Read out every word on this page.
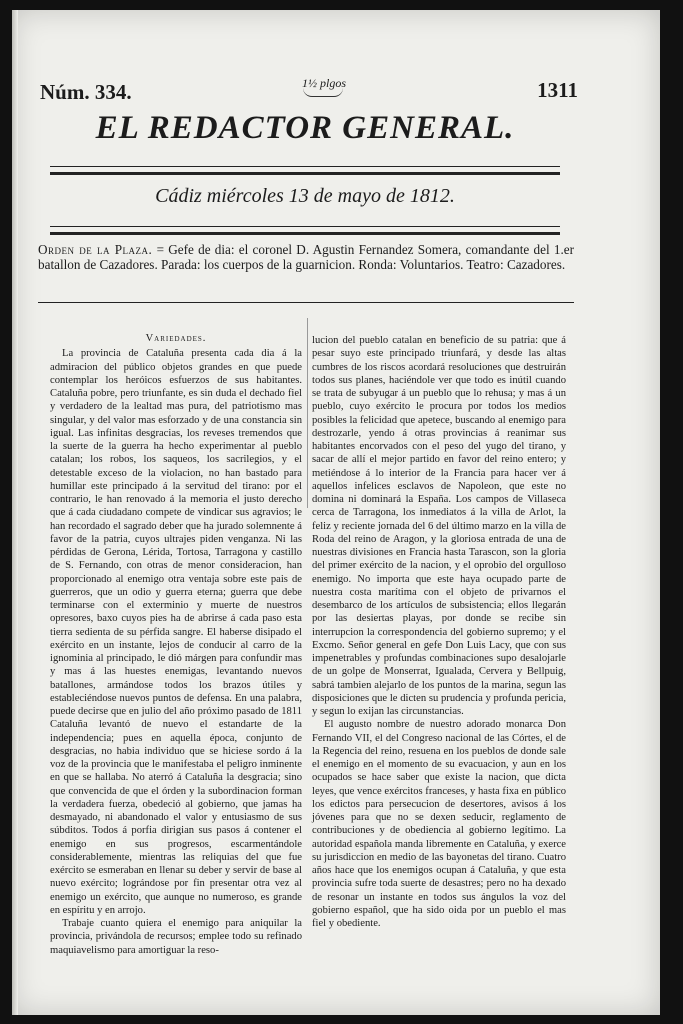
Núm. 334.	1½ plgos	1311
EL REDACTOR GENERAL.
Cádiz miércoles 13 de mayo de 1812.
Orden de la Plaza. = Gefe de dia: el coronel D. Agustin Fernandez Somera, comandante del 1.er batallon de Cazadores. Parada: los cuerpos de la guarnicion. Ronda: Voluntarios. Teatro: Cazadores.
Variedades.

La provincia de Cataluña presenta cada dia á la admiracion del público objetos grandes en que puede contemplar los heróicos esfuerzos de sus habitantes. Cataluña pobre, pero triunfante, es sin duda el dechado fiel y verdadero de la lealtad mas pura, del patriotismo mas singular, y del valor mas esforzado y de una constancia sin igual. Las infinitas desgracias, los reveses tremendos que la suerte de la guerra ha hecho experimentar al pueblo catalan; los robos, los saqueos, los sacrilegios, y el detestable exceso de la violacion, no han bastado para humillar este principado á la servitud del tirano: por el contrario, le han renovado á la memoria el justo derecho que á cada ciudadano compete de vindicar sus agravios; le han recordado el sagrado deber que ha jurado solemnente á favor de la patria, cuyos ultrajes piden venganza. Ni las pérdidas de Gerona, Lérida, Tortosa, Tarragona y castillo de S. Fernando, con otras de menor consideracion, han proporcionado al enemigo otra ventaja sobre este pais de guerreros, que un odio y guerra eterna; guerra que debe terminarse con el exterminio y muerte de nuestros opresores, baxo cuyos pies ha de abrirse á cada paso esta tierra sedienta de su pérfida sangre. El haberse disipado el exército en un instante, lejos de conducir al carro de la ignominia al principado, le dió márgen para confundir mas y mas á las huestes enemigas, levantando nuevos batallones, armándose todos los brazos útiles y estableciéndose nuevos puntos de defensa. En una palabra, puede decirse que en julio del año próximo pasado de 1811 Cataluña levantó de nuevo el estandarte de la independencia; pues en aquella época, conjunto de desgracias, no habia individuo que se hiciese sordo á la voz de la provincia que le manifestaba el peligro inminente en que se hallaba. No aterró á Cataluña la desgracia; sino que convencida de que el órden y la subordinacion forman la verdadera fuerza, obedeció al gobierno, que jamas ha desmayado, ni abandonado el valor y entusiasmo de sus súbditos. Todos á porfia dirigian sus pasos á contener el enemigo en sus progresos, escarmentándole considerablemente, mientras las reliquias del que fue exército se esmeraban en llenar su deber y servir de base al nuevo exército; lográndose por fin presentar otra vez al enemigo un exército, que aunque no numeroso, es grande en espíritu y en arrojo.

Trabaje cuanto quiera el enemigo para aniquilar la provincia, privándola de recursos; emplee todo su refinado maquiavelismo para amortiguar la reso-

lucion del pueblo catalan en beneficio de su patria: que á pesar suyo este principado triunfará, y desde las altas cumbres de los riscos acordará resoluciones que destruirán todos sus planes, haciéndole ver que todo es inútil cuando se trata de subyugar á un pueblo que lo rehusa; y mas á un pueblo, cuyo exército le procura por todos los medios posibles la felicidad que apetece, buscando al enemigo para destrozarle, yendo á otras provincias á reanimar sus habitantes encorvados con el peso del yugo del tirano, y sacar de allí el mejor partido en favor del reino entero; y metiéndose á lo interior de la Francia para hacer ver á aquellos infelices esclavos de Napoleon, que este no domina ni dominará la España. Los campos de Villaseca cerca de Tarragona, los inmediatos á la villa de Arlot, la feliz y reciente jornada del 6 del último marzo en la villa de Roda del reino de Aragon, y la gloriosa entrada de una de nuestras divisiones en Francia hasta Tarascon, son la gloria del primer exército de la nacion, y el oprobio del orgulloso enemigo. No importa que este haya ocupado parte de nuestra costa marítima con el objeto de privarnos el desembarco de los artículos de subsistencia; ellos llegarán por las desiertas playas, por donde se recibe sin interrupcion la correspondencia del gobierno supremo; y el Excmo. Señor general en gefe Don Luis Lacy, que con sus impenetrables y profundas combinaciones supo desalojarle de un golpe de Monserrat, Igualada, Cervera y Bellpuig, sabrá tambien alejarlo de los puntos de la marina, segun las disposiciones que le dicten su prudencia y profunda pericia, y segun lo exijan las circunstancias.

El augusto nombre de nuestro adorado monarca Don Fernando VII, el del Congreso nacional de las Córtes, el de la Regencia del reino, resuena en los pueblos de donde sale el enemigo en el momento de su evacuacion, y aun en los ocupados se hace saber que existe la nacion, que dicta leyes, que vence exércitos franceses, y hasta fixa en público los edictos para persecucion de desertores, avisos á los jóvenes para que no se dexen seducir, reglamento de contribuciones y de obediencia al gobierno legítimo. La autoridad española manda libremente en Cataluña, y exerce su jurisdiccion en medio de las bayonetas del tirano. Cuatro años hace que los enemigos ocupan á Cataluña, y que esta provincia sufre toda suerte de desastres; pero no ha dexado de resonar un instante en todos sus ángulos la voz del gobierno español, que ha sido oida por un pueblo el mas fiel y obediente.
